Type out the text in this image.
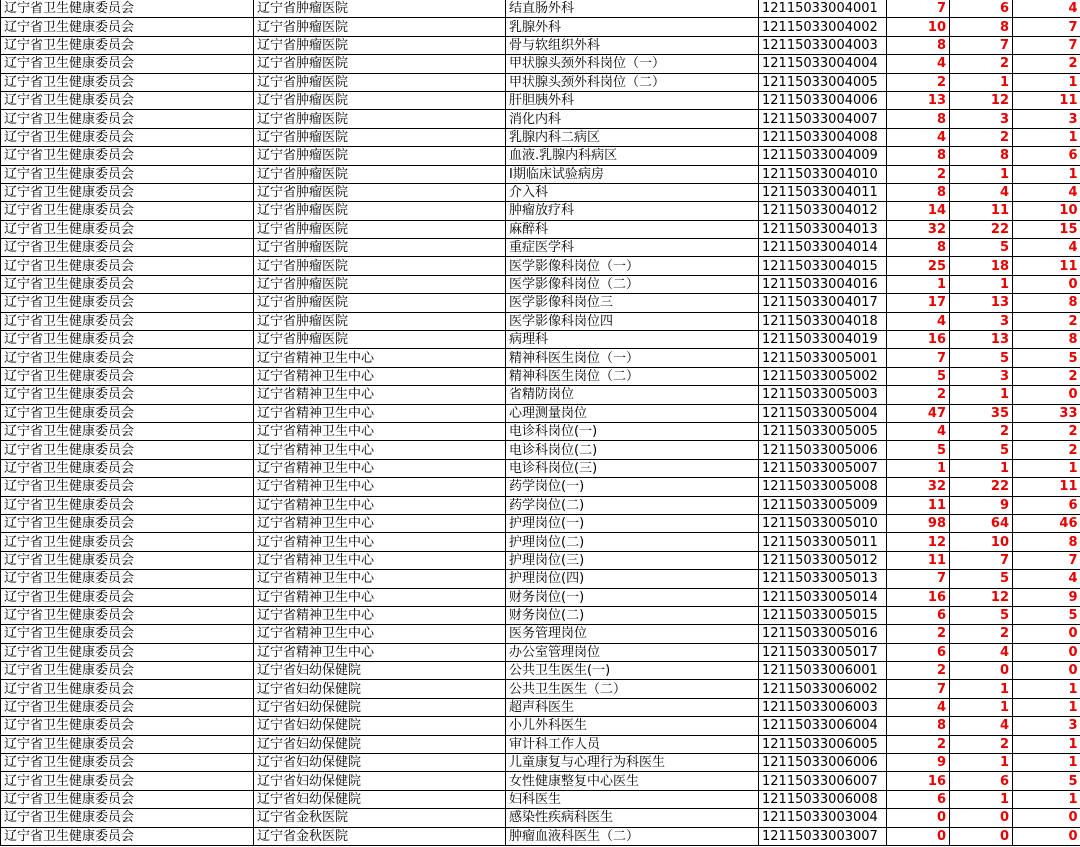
辽宁省卫生健康委员会	辽宁省肿瘤医院	结直肠外科	12115033004001	7	6	4
辽宁省卫生健康委员会	辽宁省肿瘤医院	乳腺外科	12115033004002	10	8	7
辽宁省卫生健康委员会	辽宁省肿瘤医院	骨与软组织外科	12115033004003	8	7	7
辽宁省卫生健康委员会	辽宁省肿瘤医院	甲状腺头颈外科岗位（一）	12115033004004	4	2	2
辽宁省卫生健康委员会	辽宁省肿瘤医院	甲状腺头颈外科岗位（二）	12115033004005	2	1	1
辽宁省卫生健康委员会	辽宁省肿瘤医院	肝胆胰外科	12115033004006	13	12	11
辽宁省卫生健康委员会	辽宁省肿瘤医院	消化内科	12115033004007	8	3	3
辽宁省卫生健康委员会	辽宁省肿瘤医院	乳腺内科二病区	12115033004008	4	2	1
辽宁省卫生健康委员会	辽宁省肿瘤医院	血液.乳腺内科病区	12115033004009	8	8	6
辽宁省卫生健康委员会	辽宁省肿瘤医院	I期临床试验病房	12115033004010	2	1	1
辽宁省卫生健康委员会	辽宁省肿瘤医院	介入科	12115033004011	8	4	4
辽宁省卫生健康委员会	辽宁省肿瘤医院	肿瘤放疗科	12115033004012	14	11	10
辽宁省卫生健康委员会	辽宁省肿瘤医院	麻醉科	12115033004013	32	22	15
辽宁省卫生健康委员会	辽宁省肿瘤医院	重症医学科	12115033004014	8	5	4
辽宁省卫生健康委员会	辽宁省肿瘤医院	医学影像科岗位（一）	12115033004015	25	18	11
辽宁省卫生健康委员会	辽宁省肿瘤医院	医学影像科岗位（二）	12115033004016	1	1	0
辽宁省卫生健康委员会	辽宁省肿瘤医院	医学影像科岗位三	12115033004017	17	13	8
辽宁省卫生健康委员会	辽宁省肿瘤医院	医学影像科岗位四	12115033004018	4	3	2
辽宁省卫生健康委员会	辽宁省肿瘤医院	病理科	12115033004019	16	13	8
辽宁省卫生健康委员会	辽宁省精神卫生中心	精神科医生岗位（一）	12115033005001	7	5	5
辽宁省卫生健康委员会	辽宁省精神卫生中心	精神科医生岗位（二）	12115033005002	5	3	2
辽宁省卫生健康委员会	辽宁省精神卫生中心	省精防岗位	12115033005003	2	1	0
辽宁省卫生健康委员会	辽宁省精神卫生中心	心理测量岗位	12115033005004	47	35	33
辽宁省卫生健康委员会	辽宁省精神卫生中心	电诊科岗位(一)	12115033005005	4	2	2
辽宁省卫生健康委员会	辽宁省精神卫生中心	电诊科岗位(二)	12115033005006	5	5	2
辽宁省卫生健康委员会	辽宁省精神卫生中心	电诊科岗位(三)	12115033005007	1	1	1
辽宁省卫生健康委员会	辽宁省精神卫生中心	药学岗位(一)	12115033005008	32	22	11
辽宁省卫生健康委员会	辽宁省精神卫生中心	药学岗位(二)	12115033005009	11	9	6
辽宁省卫生健康委员会	辽宁省精神卫生中心	护理岗位(一)	12115033005010	98	64	46
辽宁省卫生健康委员会	辽宁省精神卫生中心	护理岗位(二)	12115033005011	12	10	8
辽宁省卫生健康委员会	辽宁省精神卫生中心	护理岗位(三)	12115033005012	11	7	7
辽宁省卫生健康委员会	辽宁省精神卫生中心	护理岗位(四)	12115033005013	7	5	4
辽宁省卫生健康委员会	辽宁省精神卫生中心	财务岗位(一)	12115033005014	16	12	9
辽宁省卫生健康委员会	辽宁省精神卫生中心	财务岗位(二)	12115033005015	6	5	5
辽宁省卫生健康委员会	辽宁省精神卫生中心	医务管理岗位	12115033005016	2	2	0
辽宁省卫生健康委员会	辽宁省精神卫生中心	办公室管理岗位	12115033005017	6	4	0
辽宁省卫生健康委员会	辽宁省妇幼保健院	公共卫生医生(一)	12115033006001	2	0	0
辽宁省卫生健康委员会	辽宁省妇幼保健院	公共卫生医生（二）	12115033006002	7	1	1
辽宁省卫生健康委员会	辽宁省妇幼保健院	超声科医生	12115033006003	4	1	1
辽宁省卫生健康委员会	辽宁省妇幼保健院	小儿外科医生	12115033006004	8	4	3
辽宁省卫生健康委员会	辽宁省妇幼保健院	审计科工作人员	12115033006005	2	2	1
辽宁省卫生健康委员会	辽宁省妇幼保健院	儿童康复与心理行为科医生	12115033006006	9	1	1
辽宁省卫生健康委员会	辽宁省妇幼保健院	女性健康整复中心医生	12115033006007	16	6	5
辽宁省卫生健康委员会	辽宁省妇幼保健院	妇科医生	12115033006008	6	1	1
辽宁省卫生健康委员会	辽宁省金秋医院	感染性疾病科医生	12115033003004	0	0	0
辽宁省卫生健康委员会	辽宁省金秋医院	肿瘤血液科医生（二）	12115033003007	0	0	0
